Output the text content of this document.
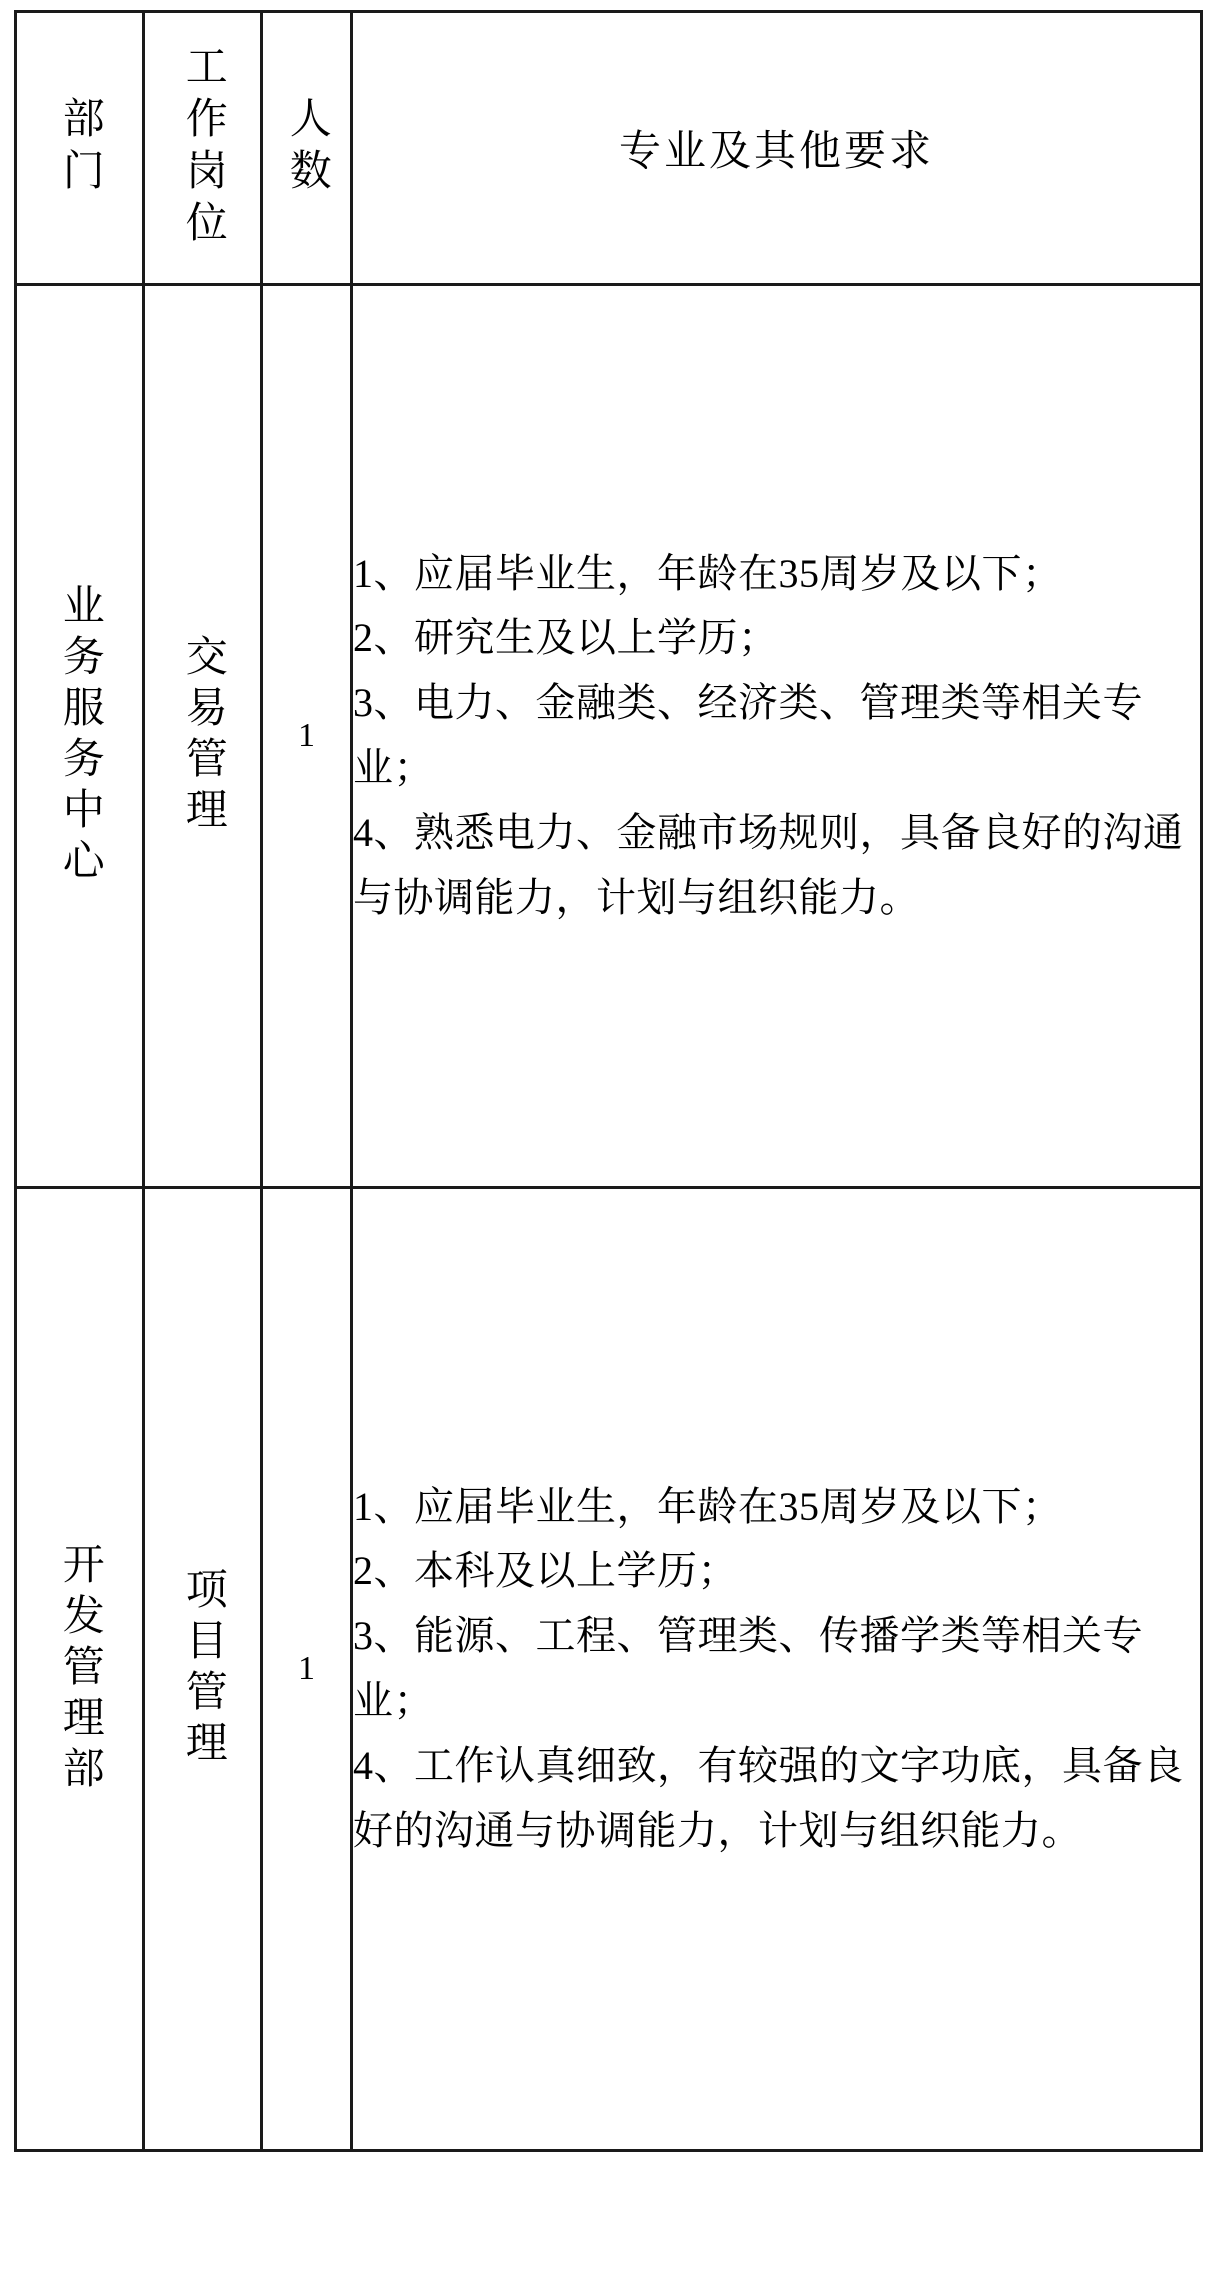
部门	工作岗位	人数	专业及其他要求

业务服务中心	交易管理	1	1、应届毕业生，年龄在35周岁及以下；

2、研究生及以上学历；

3、电力、金融类、经济类、管理类等相关专业；

4、熟悉电力、金融市场规则，具备良好的沟通与协调能力，计划与组织能力。

开发管理部	项目管理	1	1、应届毕业生，年龄在35周岁及以下；

2、本科及以上学历；

3、能源、工程、管理类、传播学类等相关专业；

4、工作认真细致，有较强的文字功底，具备良好的沟通与协调能力，计划与组织能力。
